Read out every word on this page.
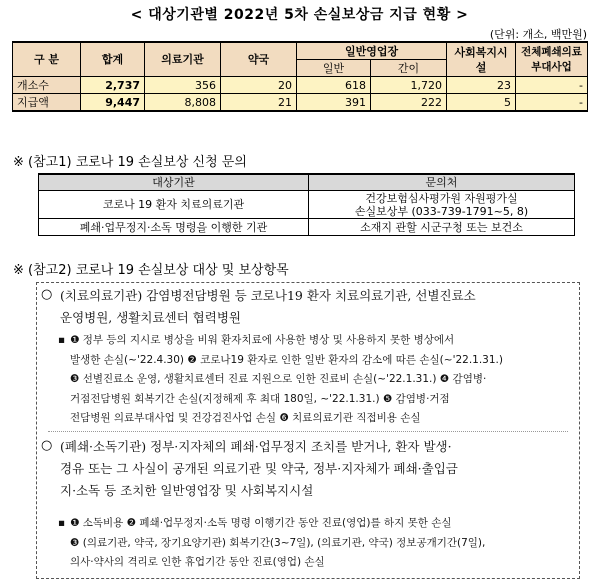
< 대상기관별 2022년 5차 손실보상금 지급 현황 >
(단위: 개소, 백만원)
구 분	합계	의료기관	약국	일반영업장		사회복지시설	전체폐쇄의료부대사업
				일반	간이		
개소수	2,737	356	20	618	1,720	23	-
지급액	9,447	8,808	21	391	222	5	-
※ (참고1) 코로나 19 손실보상 신청 문의
대상기관	문의처
코로나 19 환자 치료의료기관	건강보험심사평가원 자원평가실
손실보상부 (033-739-1791~5, 8)

폐쇄·업무정지·소독 명령을 이행한 기관	소재지 관할 시군구청 또는 보건소
※ (참고2) 코로나 19 손실보상 대상 및 보상항목
○ (치료의료기관) 감염병전담병원 등 코로나19 환자 치료의료기관, 선별진료소
운영병원, 생활치료센터 협력병원
▪ ❶ 정부 등의 지시로 병상을 비워 환자치료에 사용한 병상 및 사용하지 못한 병상에서
발생한 손실(~'22.4.30) ❷ 코로나19 환자로 인한 일반 환자의 감소에 따른 손실(~'22.1.31.)
❸ 선별진료소 운영, 생활치료센터 진료 지원으로 인한 진료비 손실(~'22.1.31.) ❹ 감염병·
거점전담병원 회복기간 손실(지정해제 후 최대 180일, ~'22.1.31.) ❺ 감염병·거점
전담병원 의료부대사업 및 건강검진사업 손실 ❻ 치료의료기관 직접비용 손실
○ (폐쇄·소독기관) 정부·지자체의 폐쇄·업무정지 조치를 받거나, 환자 발생·
경유 또는 그 사실이 공개된 의료기관 및 약국, 정부·지자체가 폐쇄·출입금
지·소독 등 조치한 일반영업장 및 사회복지시설
▪ ❶ 소독비용 ❷ 폐쇄·업무정지·소독 명령 이행기간 동안 진료(영업)를 하지 못한 손실
❸ (의료기관, 약국, 장기요양기관) 회복기간(3~7일), (의료기관, 약국) 정보공개기간(7일),
의사·약사의 격리로 인한 휴업기간 동안 진료(영업) 손실
